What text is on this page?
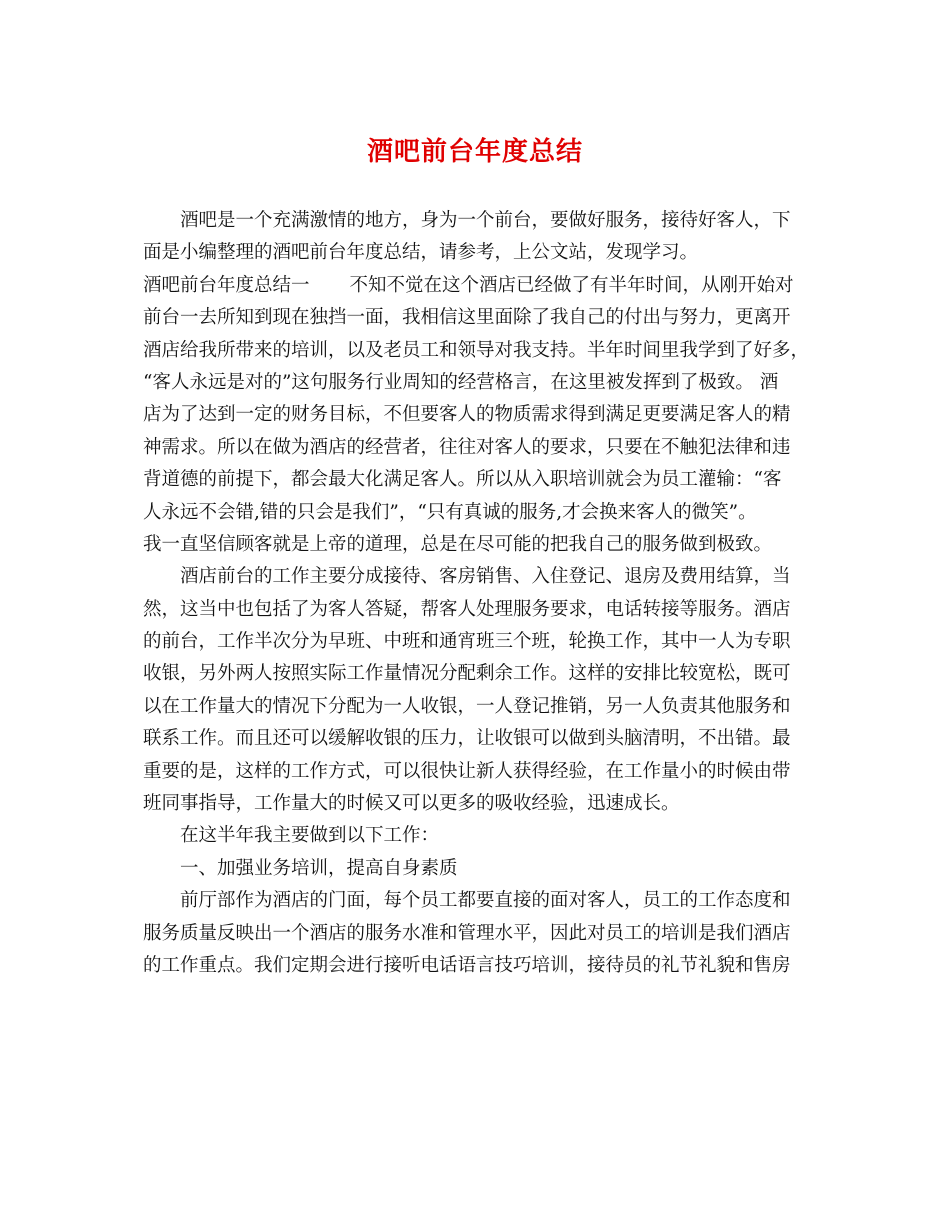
酒吧前台年度总结
酒吧是一个充满激情的地方，身为一个前台，要做好服务，接待好客人，下
面是小编整理的酒吧前台年度总结，请参考，上公文站，发现学习。
酒吧前台年度总结一 不知不觉在这个酒店已经做了有半年时间，从刚开始对
前台一去所知到现在独挡一面，我相信这里面除了我自己的付出与努力，更离开
酒店给我所带来的培训，以及老员工和领导对我支持。半年时间里我学到了好多，
“客人永远是对的”这句服务行业周知的经营格言，在这里被发挥到了极致。 酒
店为了达到一定的财务目标，不但要客人的物质需求得到满足更要满足客人的精
神需求。所以在做为酒店的经营者，往往对客人的要求，只要在不触犯法律和违
背道德的前提下，都会最大化满足客人。所以从入职培训就会为员工灌输：“客
人永远不会错,错的只会是我们”，“只有真诚的服务,才会换来客人的微笑”。
我一直坚信顾客就是上帝的道理，总是在尽可能的把我自己的服务做到极致。
酒店前台的工作主要分成接待、客房销售、入住登记、退房及费用结算，当
然，这当中也包括了为客人答疑，帮客人处理服务要求，电话转接等服务。酒店
的前台，工作半次分为早班、中班和通宵班三个班，轮换工作，其中一人为专职
收银，另外两人按照实际工作量情况分配剩余工作。这样的安排比较宽松，既可
以在工作量大的情况下分配为一人收银，一人登记推销，另一人负责其他服务和
联系工作。而且还可以缓解收银的压力，让收银可以做到头脑清明，不出错。最
重要的是，这样的工作方式，可以很快让新人获得经验，在工作量小的时候由带
班同事指导，工作量大的时候又可以更多的吸收经验，迅速成长。
在这半年我主要做到以下工作：
一、加强业务培训，提高自身素质
前厅部作为酒店的门面，每个员工都要直接的面对客人，员工的工作态度和
服务质量反映出一个酒店的服务水准和管理水平，因此对员工的培训是我们酒店
的工作重点。我们定期会进行接听电话语言技巧培训，接待员的礼节礼貌和售房
